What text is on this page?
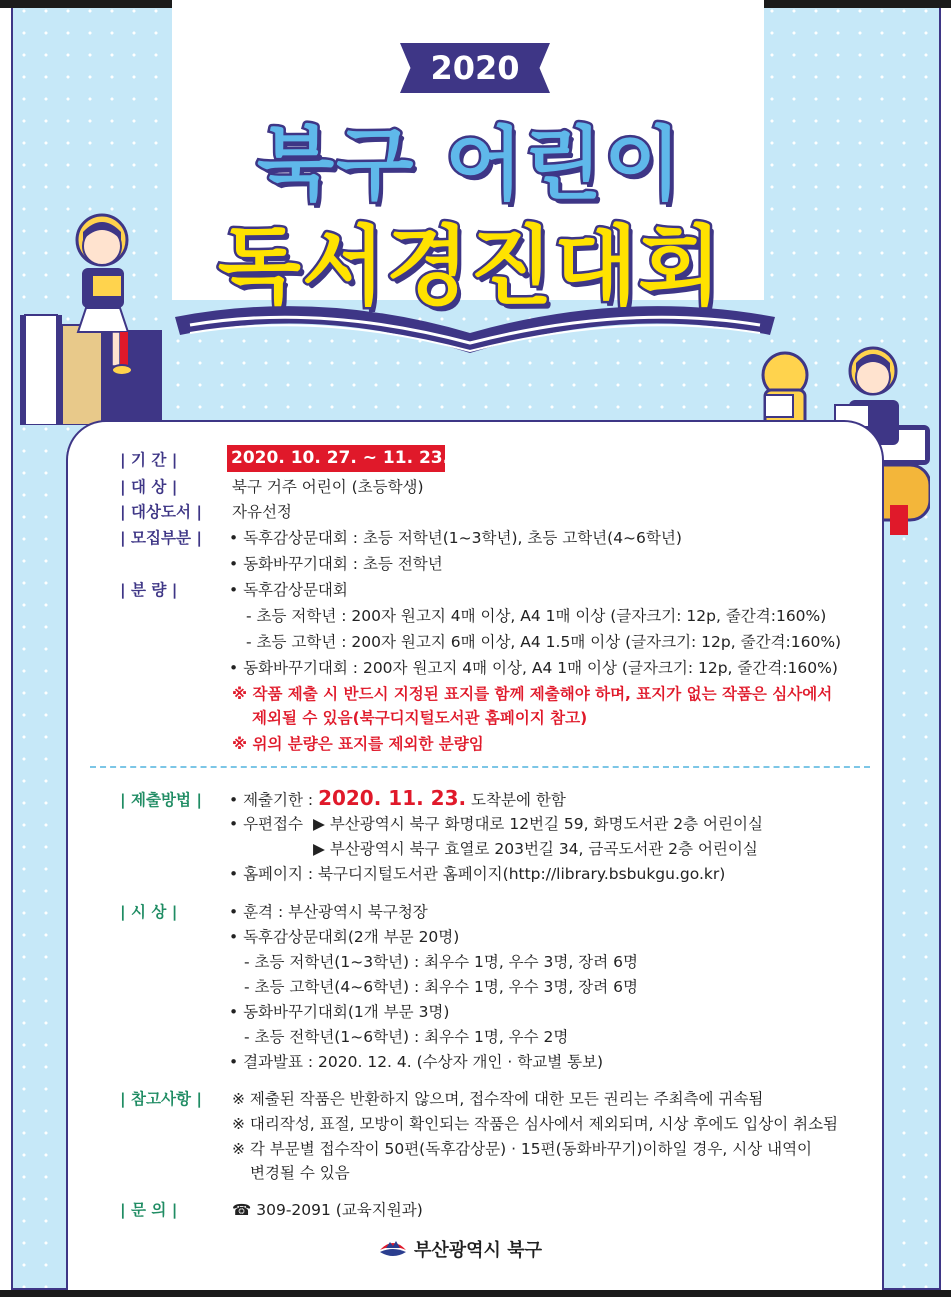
2020
북구 어린이
독서경진대회
| 기 간 |	2020. 10. 27. ~ 11. 23.
| 대 상 |	북구 거주 어린이 (초등학생)
| 대상도서 |	자유선정
| 모집부분 |	• 독후감상문대회 : 초등 저학년(1~3학년), 초등 고학년(4~6학년)
• 동화바꾸기대회 : 초등 전학년
| 분 량 |	• 독후감상문대회
- 초등 저학년 : 200자 원고지 4매 이상, A4 1매 이상 (글자크기: 12p, 줄간격:160%)
- 초등 고학년 : 200자 원고지 6매 이상, A4 1.5매 이상 (글자크기: 12p, 줄간격:160%)
• 동화바꾸기대회 : 200자 원고지 4매 이상, A4 1매 이상 (글자크기: 12p, 줄간격:160%)
※ 작품 제출 시 반드시 지정된 표지를 함께 제출해야 하며, 표지가 없는 작품은 심사에서
제외될 수 있음(북구디지털도서관 홈페이지 참고)
※ 위의 분량은 표지를 제외한 분량임
| 제출방법 |	• 제출기한 : 2020. 11. 23. 도착분에 한함
• 우편접수 ▶ 부산광역시 북구 화명대로 12번길 59, 화명도서관 2층 어린이실
▶ 부산광역시 북구 효열로 203번길 34, 금곡도서관 2층 어린이실
• 홈페이지 : 북구디지털도서관 홈페이지(http://library.bsbukgu.go.kr)
| 시 상 |	• 훈격 : 부산광역시 북구청장
• 독후감상문대회(2개 부문 20명)
- 초등 저학년(1~3학년) : 최우수 1명, 우수 3명, 장려 6명
- 초등 고학년(4~6학년) : 최우수 1명, 우수 3명, 장려 6명
• 동화바꾸기대회(1개 부문 3명)
- 초등 전학년(1~6학년) : 최우수 1명, 우수 2명
• 결과발표 : 2020. 12. 4. (수상자 개인 · 학교별 통보)
| 참고사항 |	※ 제출된 작품은 반환하지 않으며, 접수작에 대한 모든 권리는 주최측에 귀속됨
※ 대리작성, 표절, 모방이 확인되는 작품은 심사에서 제외되며, 시상 후에도 입상이 취소됨
※ 각 부문별 접수작이 50편(독후감상문) · 15편(동화바꾸기)이하일 경우, 시상 내역이
변경될 수 있음
| 문 의 |	☎ 309-2091 (교육지원과)
부산광역시 북구
